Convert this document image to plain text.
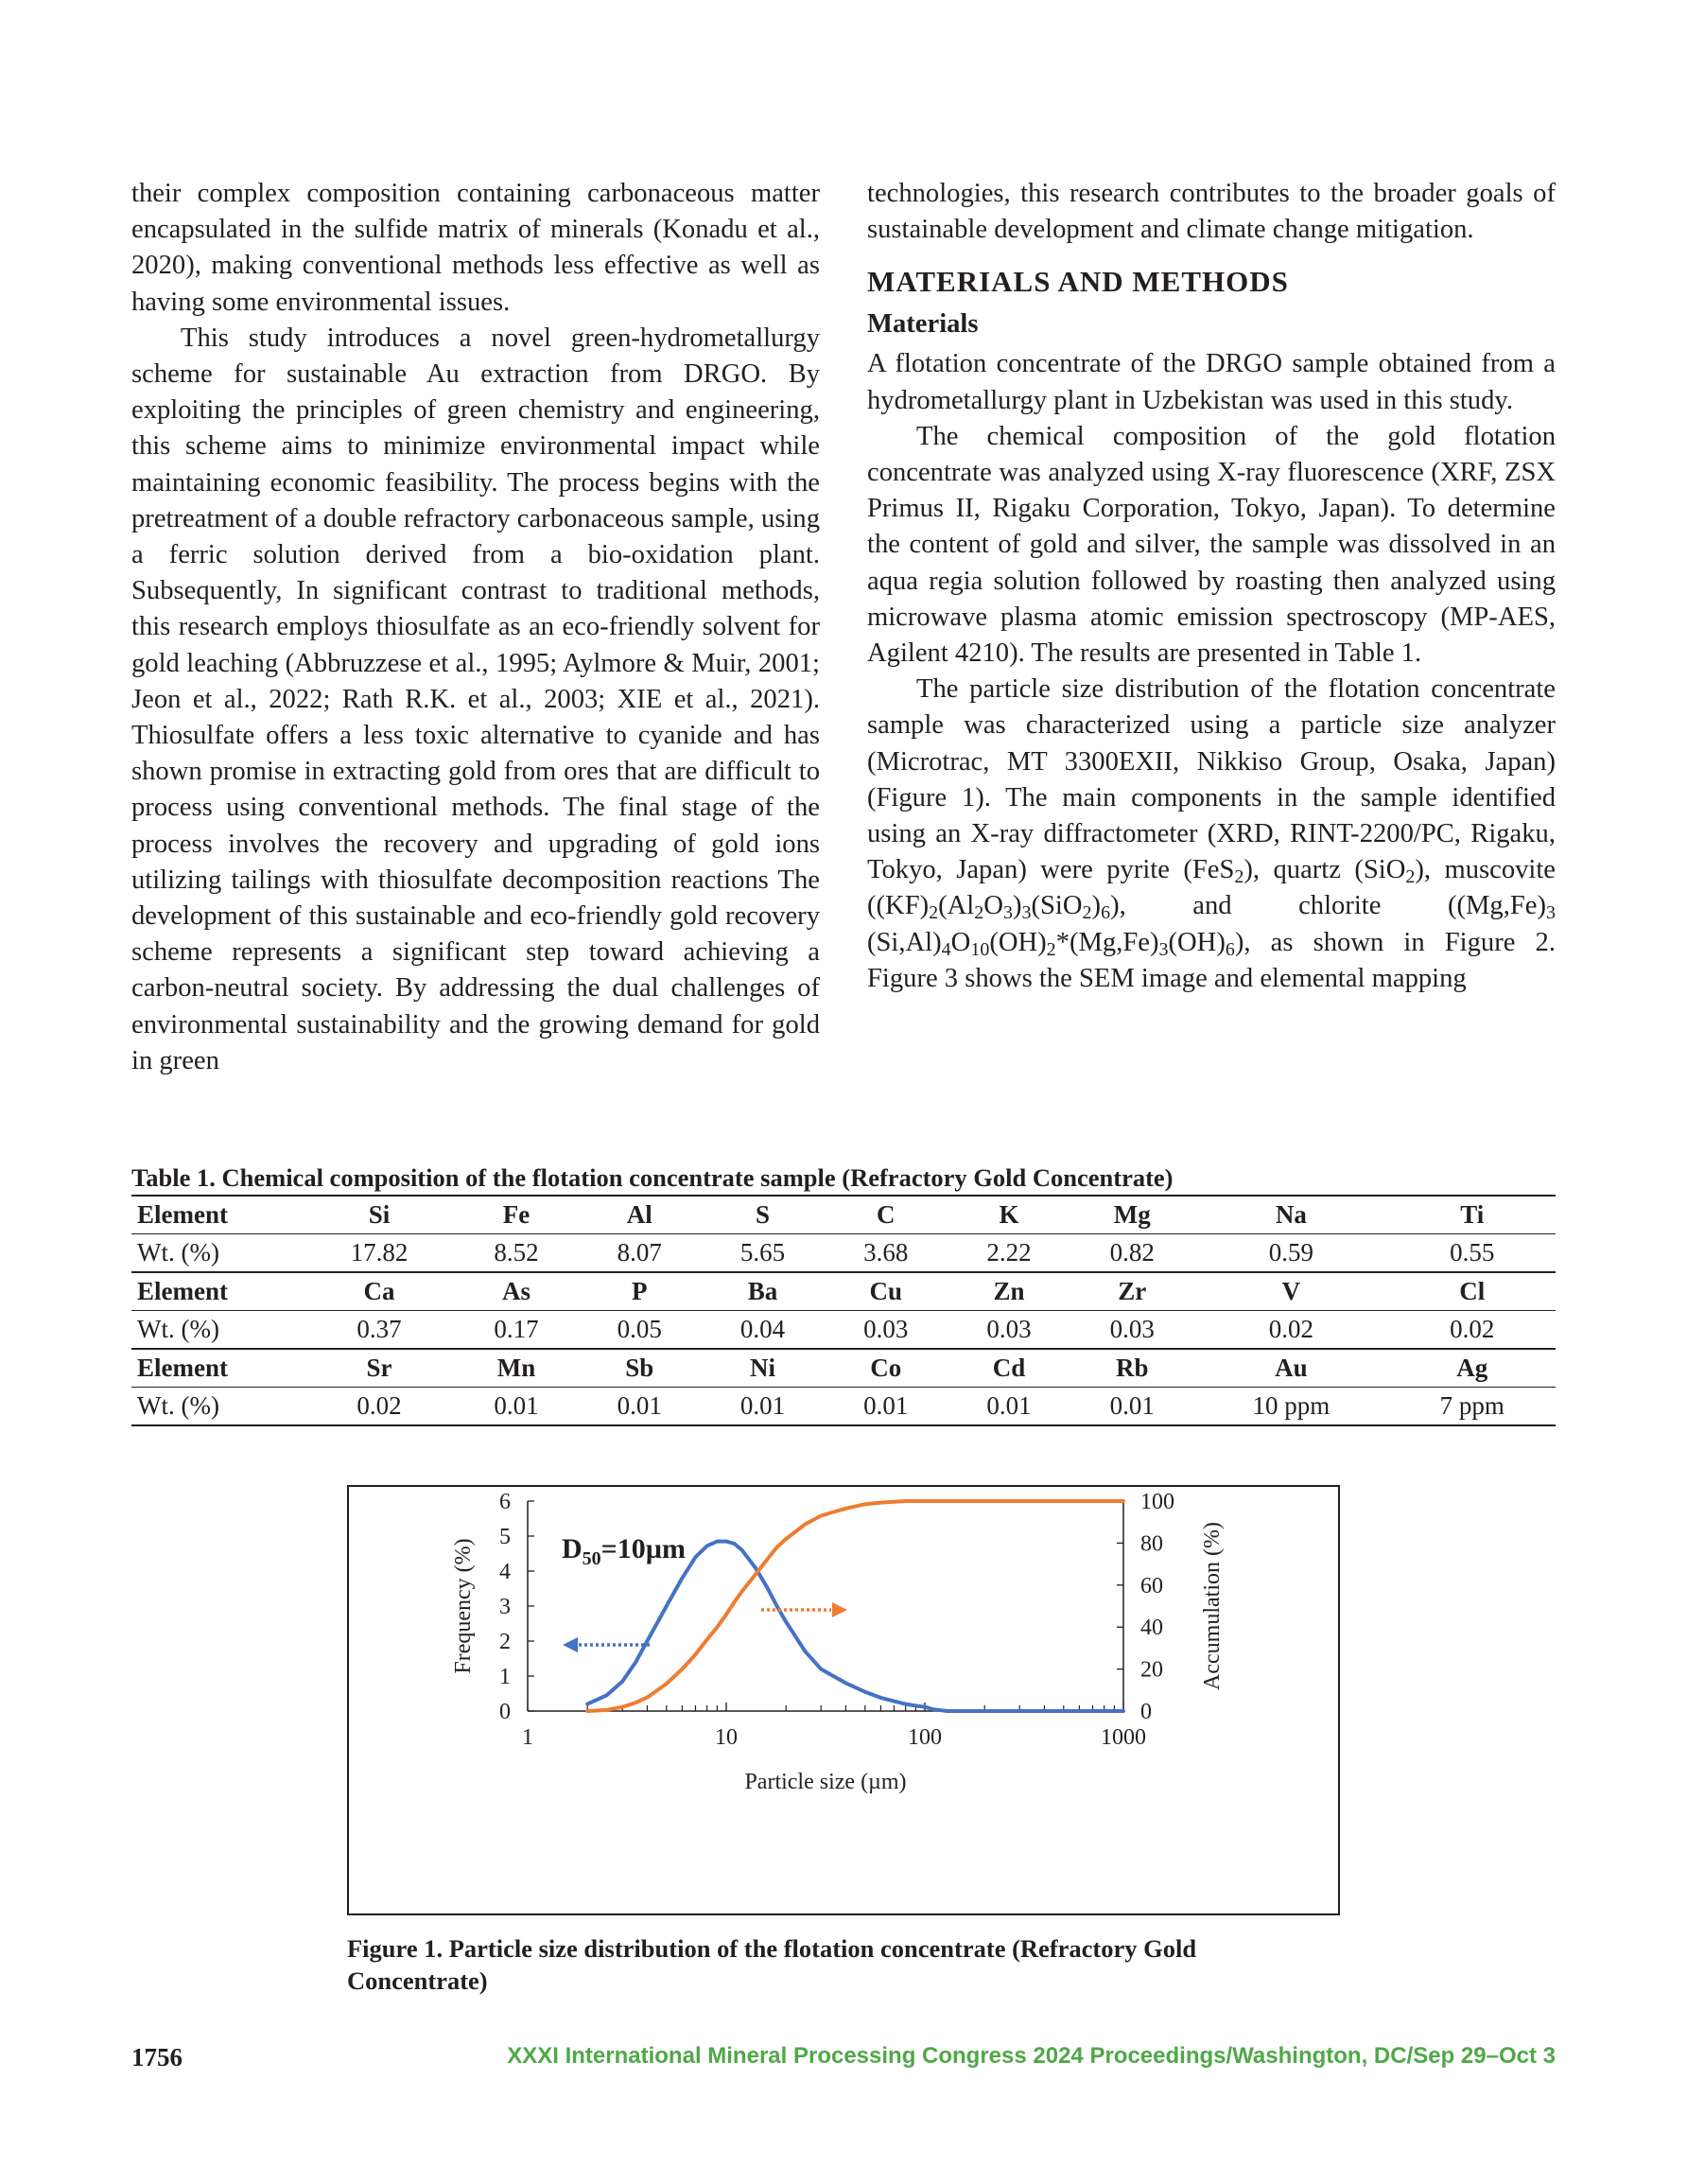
their complex composition containing carbonaceous matter encapsulated in the sulfide matrix of minerals (Konadu et al., 2020), making conventional methods less effective as well as having some environmental issues.

This study introduces a novel green-hydrometallurgy scheme for sustainable Au extraction from DRGO. By exploiting the principles of green chemistry and engineering, this scheme aims to minimize environmental impact while maintaining economic feasibility. The process begins with the pretreatment of a double refractory carbonaceous sample, using a ferric solution derived from a bio-oxidation plant. Subsequently, In significant contrast to traditional methods, this research employs thiosulfate as an eco-friendly solvent for gold leaching (Abbruzzese et al., 1995; Aylmore & Muir, 2001; Jeon et al., 2022; Rath R.K. et al., 2003; XIE et al., 2021). Thiosulfate offers a less toxic alternative to cyanide and has shown promise in extracting gold from ores that are difficult to process using conventional methods. The final stage of the process involves the recovery and upgrading of gold ions utilizing tailings with thiosulfate decomposition reactions The development of this sustainable and eco-friendly gold recovery scheme represents a significant step toward achieving a carbon-neutral society. By addressing the dual challenges of environmental sustainability and the growing demand for gold in green

technologies, this research contributes to the broader goals of sustainable development and climate change mitigation.

MATERIALS AND METHODS
Materials

A flotation concentrate of the DRGO sample obtained from a hydrometallurgy plant in Uzbekistan was used in this study.

The chemical composition of the gold flotation concentrate was analyzed using X-ray fluorescence (XRF, ZSX Primus II, Rigaku Corporation, Tokyo, Japan). To determine the content of gold and silver, the sample was dissolved in an aqua regia solution followed by roasting then analyzed using microwave plasma atomic emission spectroscopy (MP-AES, Agilent 4210). The results are presented in Table 1.

The particle size distribution of the flotation concentrate sample was characterized using a particle size analyzer (Microtrac, MT 3300EXII, Nikkiso Group, Osaka, Japan) (Figure 1). The main components in the sample identified using an X-ray diffractometer (XRD, RINT-2200/PC, Rigaku, Tokyo, Japan) were pyrite (FeS$_2$), quartz (SiO$_2$), muscovite $((KF)_2(Al_2O_3)_3(SiO_2)_6)$, and chlorite ($(Mg,Fe)_3$ $(Si,Al)_4O_{10}(OH)_2*(Mg,Fe)_3(OH)_6$), as shown in Figure 2. Figure 3 shows the SEM image and elemental mapping

Table 1. Chemical composition of the flotation concentrate sample (Refractory Gold Concentrate)
Element	Si	Fe	Al	S	C	K	Mg	Na	Ti
Wt. (%)	17.82	8.52	8.07	5.65	3.68	2.22	0.82	0.59	0.55
Element	Ca	As	P	Ba	Cu	Zn	Zr	V	Cl
Wt. (%)	0.37	0.17	0.05	0.04	0.03	0.03	0.03	0.02	0.02
Element	Sr	Mn	Sb	Ni	Co	Cd	Rb	Au	Ag
Wt. (%)	0.02	0.01	0.01	0.01	0.01	0.01	0.01	10 ppm	7 ppm
0
1
2
3
4
5
6
0
20
40
60
80
100
1	10	100	1000
Particle size (µm)
Frequency (%)	Accumulation (%)
$D_{50}=10\mu m$
Figure 1. Particle size distribution of the flotation concentrate (Refractory Gold Concentrate)
1756	XXXI International Mineral Processing Congress 2024 Proceedings/Washington, DC/Sep 29–Oct 3
